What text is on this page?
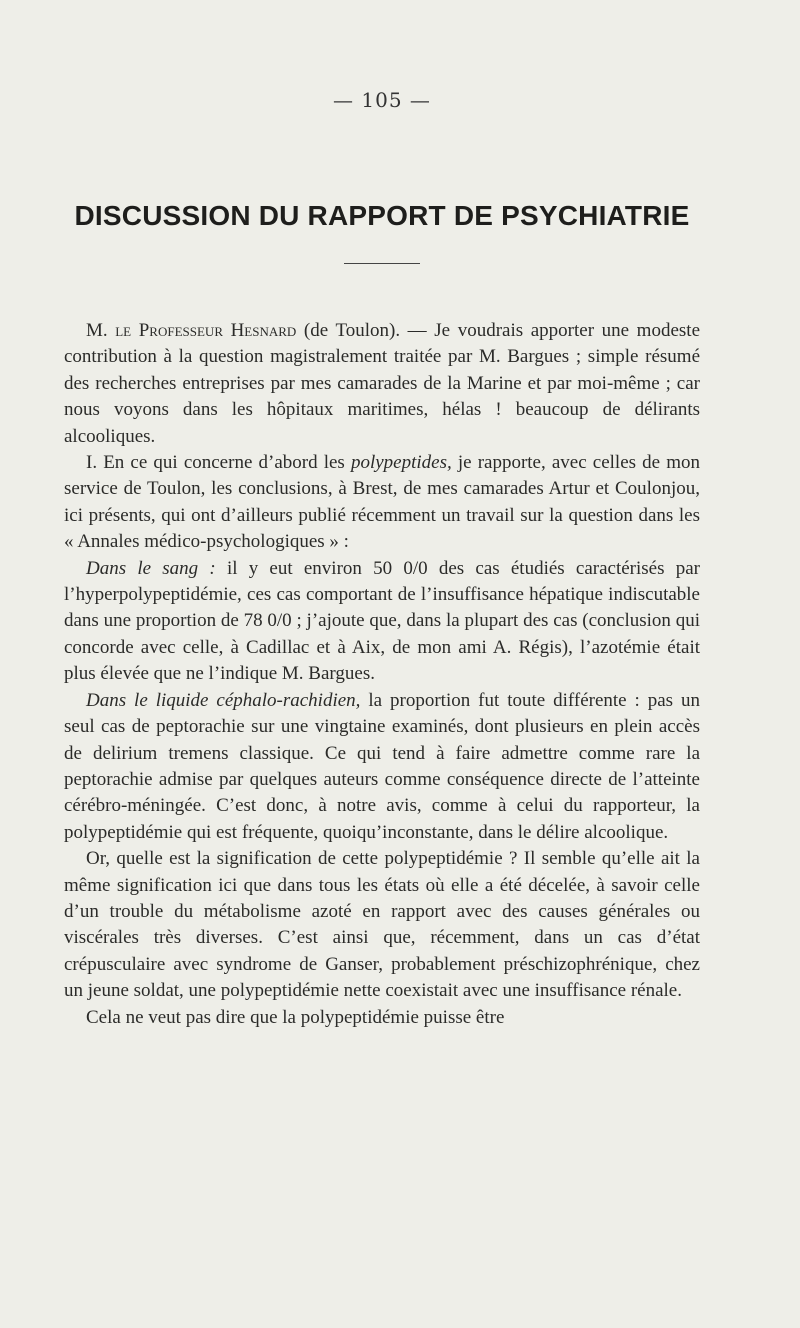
— 105 —
DISCUSSION DU RAPPORT DE PSYCHIATRIE

M. le Professeur Hesnard (de Toulon). — Je voudrais apporter une modeste contribution à la question magistralement traitée par M. Bargues ; simple résumé des recherches entreprises par mes camarades de la Marine et par moi-même ; car nous voyons dans les hôpitaux maritimes, hélas ! beaucoup de délirants alcooliques.

I. En ce qui concerne d’abord les polypeptides, je rapporte, avec celles de mon service de Toulon, les conclusions, à Brest, de mes camarades Artur et Coulonjou, ici présents, qui ont d’ailleurs publié récemment un travail sur la question dans les « Annales médico-psychologiques » :

Dans le sang : il y eut environ 50 0/0 des cas étudiés caractérisés par l’hyperpolypeptidémie, ces cas comportant de l’insuffisance hépatique indiscutable dans une proportion de 78 0/0 ; j’ajoute que, dans la plupart des cas (conclusion qui concorde avec celle, à Cadillac et à Aix, de mon ami A. Régis), l’azotémie était plus élevée que ne l’indique M. Bargues.

Dans le liquide céphalo-rachidien, la proportion fut toute différente : pas un seul cas de peptorachie sur une vingtaine examinés, dont plusieurs en plein accès de delirium tremens classique. Ce qui tend à faire admettre comme rare la peptorachie admise par quelques auteurs comme conséquence directe de l’atteinte cérébro-méningée. C’est donc, à notre avis, comme à celui du rapporteur, la polypeptidémie qui est fréquente, quoiqu’inconstante, dans le délire alcoolique.

Or, quelle est la signification de cette polypeptidémie ? Il semble qu’elle ait la même signification ici que dans tous les états où elle a été décelée, à savoir celle d’un trouble du métabolisme azoté en rapport avec des causes générales ou viscérales très diverses. C’est ainsi que, récemment, dans un cas d’état crépusculaire avec syndrome de Ganser, probablement préschizophrénique, chez un jeune soldat, une polypeptidémie nette coexistait avec une insuffisance rénale.

Cela ne veut pas dire que la polypeptidémie puisse être
